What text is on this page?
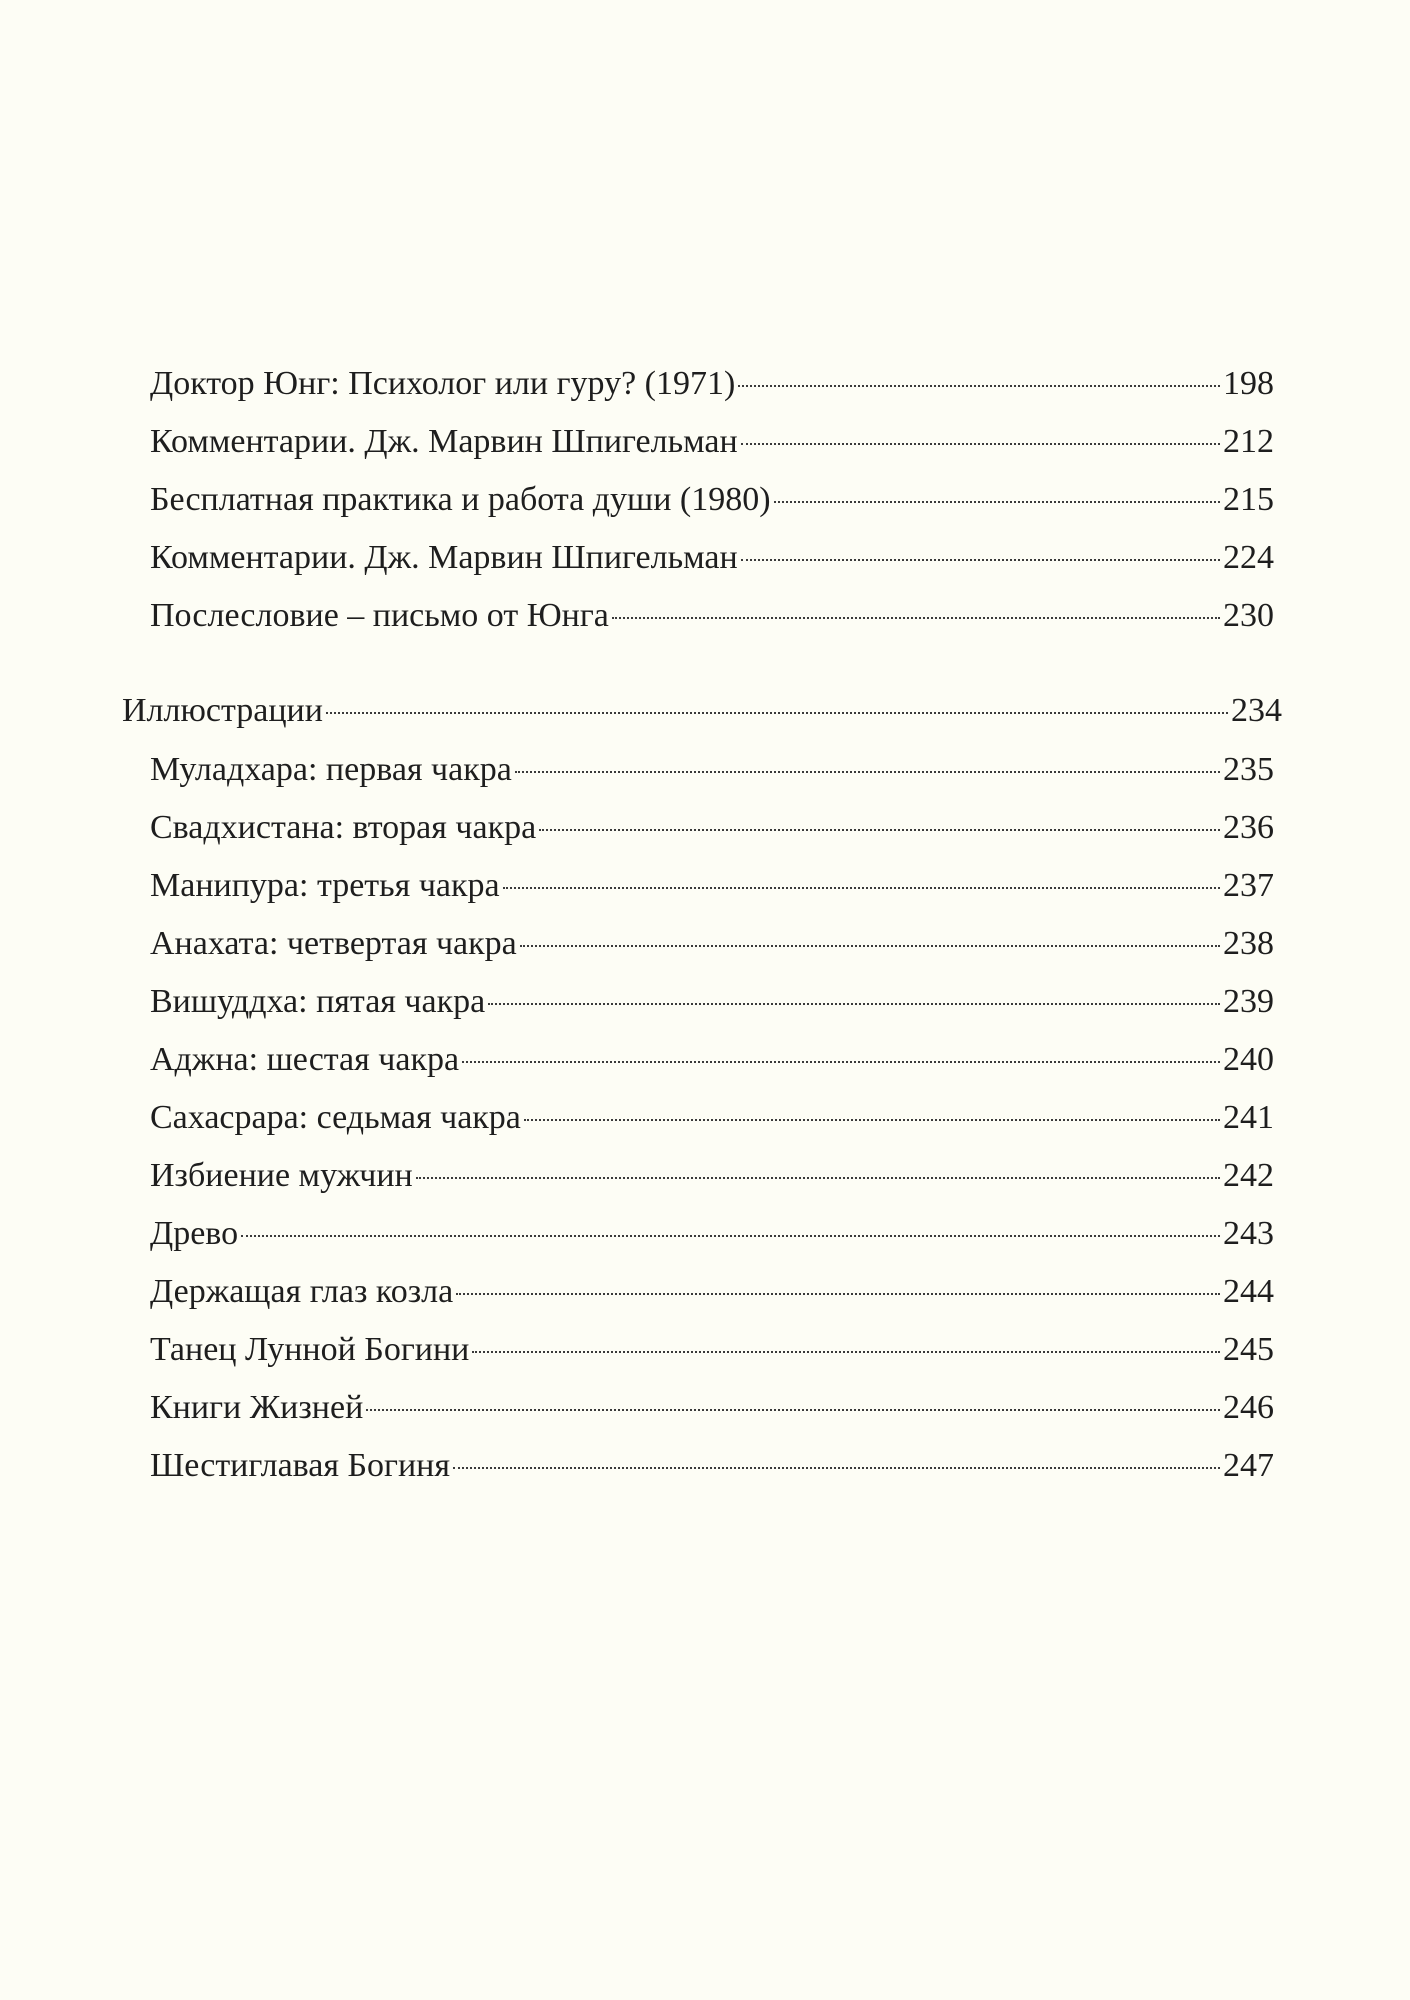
Доктор Юнг: Психолог или гуру? (1971)	198
Комментарии. Дж. Марвин Шпигельман	212
Бесплатная практика и работа души (1980)	215
Комментарии. Дж. Марвин Шпигельман	224
Послесловие – письмо от Юнга	230
Иллюстрации	234
Муладхара: первая чакра	235
Свадхистана: вторая чакра	236
Манипура: третья чакра	237
Анахата: четвертая чакра	238
Вишуддха: пятая чакра	239
Аджна: шестая чакра	240
Сахасрара: седьмая чакра	241
Избиение мужчин	242
Древо	243
Держащая глаз козла	244
Танец Лунной Богини	245
Книги Жизней	246
Шестиглавая Богиня	247
